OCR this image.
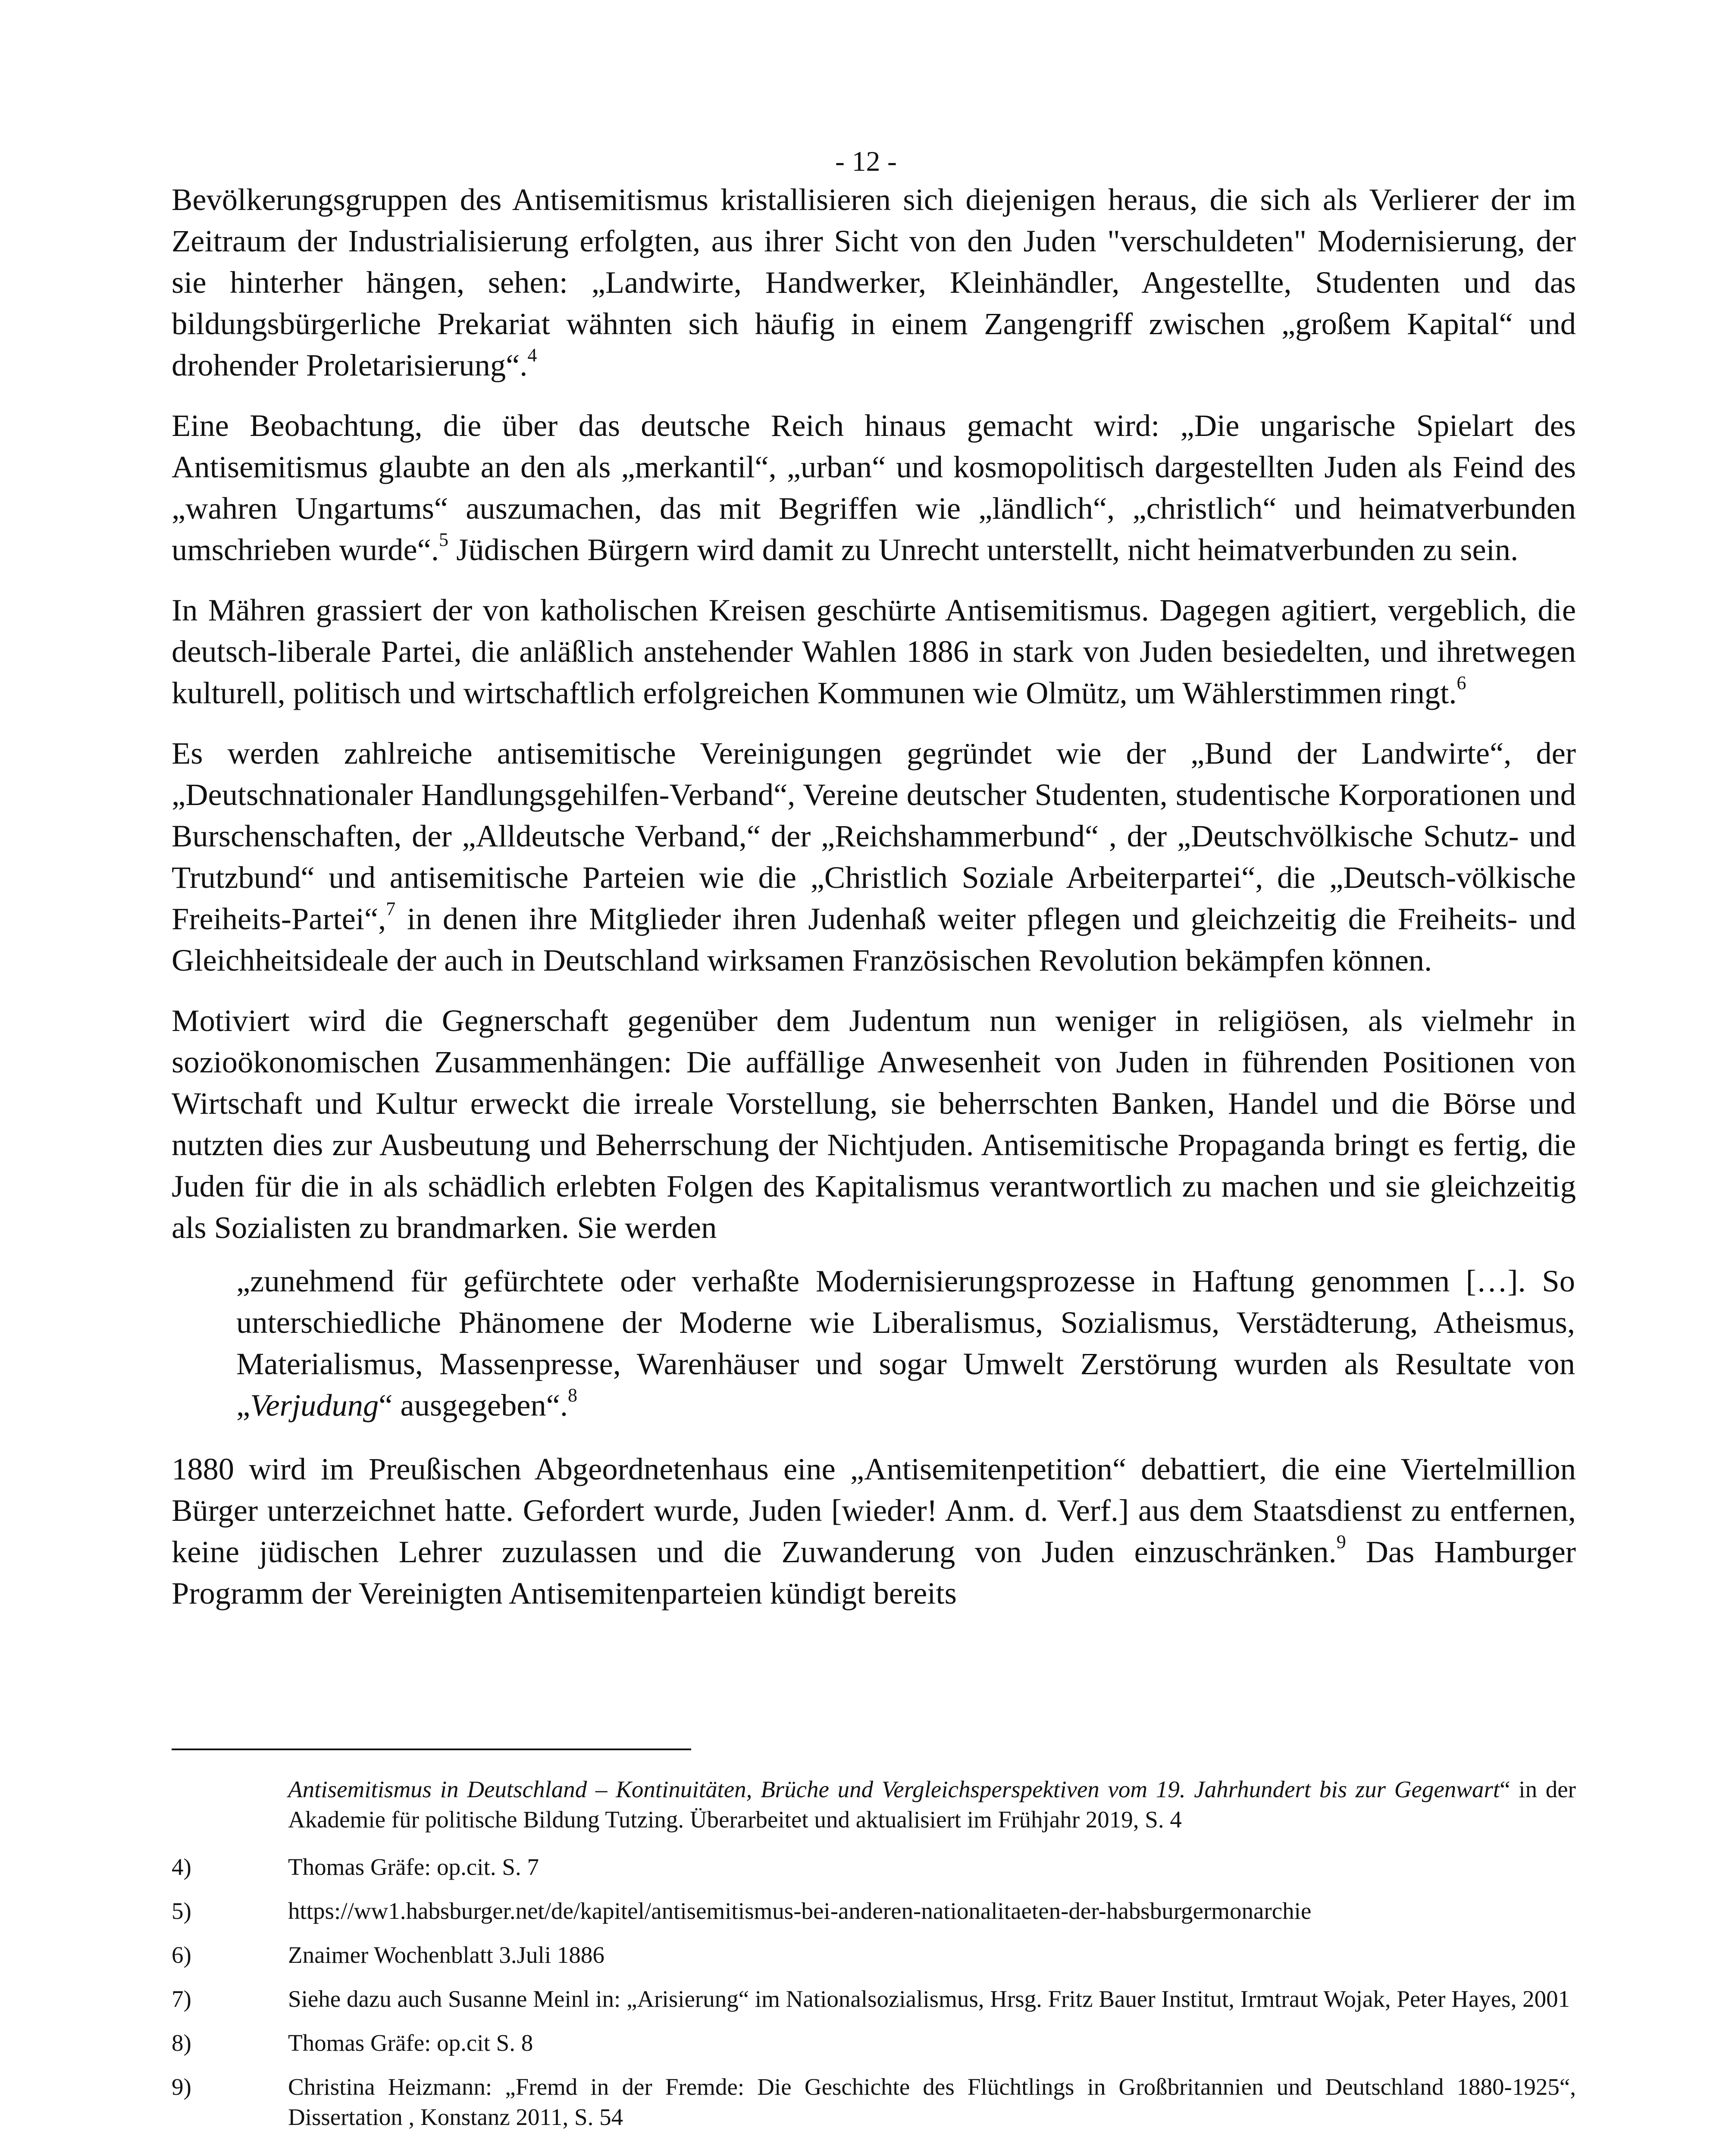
- 12 -

Bevölkerungsgruppen des Antisemitismus kristallisieren sich diejenigen heraus, die sich als Verlierer der im Zeitraum der Industrialisierung erfolgten, aus ihrer Sicht von den Juden "verschuldeten" Modernisierung, der sie hinterher hängen, sehen: „Landwirte, Handwerker, Kleinhändler, Angestellte, Studenten und das bildungsbürgerliche Prekariat wähnten sich häufig in einem Zangengriff zwischen „großem Kapital“ und drohender Proletarisierung“.$^4$

Eine Beobachtung, die über das deutsche Reich hinaus gemacht wird: „Die ungarische Spielart des Antisemitismus glaubte an den als „merkantil“, „urban“ und kosmopolitisch dargestellten Juden als Feind des „wahren Ungartums“ auszumachen, das mit Begriffen wie „ländlich“, „christlich“ und heimatverbunden umschrieben wurde“.$^5$ Jüdischen Bürgern wird damit zu Unrecht unterstellt, nicht heimatverbunden zu sein.

In Mähren grassiert der von katholischen Kreisen geschürte Antisemitismus. Dagegen agitiert, vergeblich, die deutsch-liberale Partei, die anläßlich anstehender Wahlen 1886 in stark von Juden besiedelten, und ihretwegen kulturell, politisch und wirtschaftlich erfolgreichen Kommunen wie Olmütz, um Wählerstimmen ringt.$^6$

Es werden zahlreiche antisemitische Vereinigungen gegründet wie der „Bund der Landwirte“, der „Deutschnationaler Handlungsgehilfen-Verband“, Vereine deutscher Studenten, studentische Korporationen und Burschenschaften, der „Alldeutsche Verband,“ der „Reichshammerbund“ , der „Deutschvölkische Schutz- und Trutzbund“ und antisemitische Parteien wie die „Christlich Soziale Arbeiterpartei“, die „Deutsch-völkische Freiheits-Partei“,$^7$ in denen ihre Mitglieder ihren Judenhaß weiter pflegen und gleichzeitig die Freiheits- und Gleichheitsideale der auch in Deutschland wirksamen Französischen Revolution bekämpfen können.

Motiviert wird die Gegnerschaft gegenüber dem Judentum nun weniger in religiösen, als vielmehr in sozioökonomischen Zusammenhängen: Die auffällige Anwesenheit von Juden in führenden Positionen von Wirtschaft und Kultur erweckt die irreale Vorstellung, sie beherrschten Banken, Handel und die Börse und nutzten dies zur Ausbeutung und Beherrschung der Nichtjuden. Antisemitische Propaganda bringt es fertig, die Juden für die in als schädlich erlebten Folgen des Kapitalismus verantwortlich zu machen und sie gleichzeitig als Sozialisten zu brandmarken. Sie werden

„zunehmend für gefürchtete oder verhaßte Modernisierungsprozesse in Haftung genommen […]. So unterschiedliche Phänomene der Moderne wie Liberalismus, Sozialismus, Verstädterung, Atheismus, Materialismus, Massenpresse, Warenhäuser und sogar Umwelt Zerstörung wurden als Resultate von „Verjudung“ ausgegeben“.$^8$

1880 wird im Preußischen Abgeordnetenhaus eine „Antisemitenpetition“ debattiert, die eine Viertelmillion Bürger unterzeichnet hatte. Gefordert wurde, Juden [wieder! Anm. d. Verf.] aus dem Staatsdienst zu entfernen, keine jüdischen Lehrer zuzulassen und die Zuwanderung von Juden einzuschränken.$^9$ Das Hamburger Programm der Vereinigten Antisemitenparteien kündigt bereits

Antisemitismus in Deutschland – Kontinuitäten, Brüche und Vergleichsperspektiven vom 19. Jahrhundert bis zur Gegenwart“ in der Akademie für politische Bildung Tutzing. Überarbeitet und aktualisiert im Frühjahr 2019, S. 4
4)	Thomas Gräfe: op.cit. S. 7
5)	https://ww1.habsburger.net/de/kapitel/antisemitismus-bei-anderen-nationalitaeten-der-habsburgermonarchie
6)	Znaimer Wochenblatt 3.Juli 1886
7)	Siehe dazu auch Susanne Meinl in: „Arisierung“ im Nationalsozialismus, Hrsg. Fritz Bauer Institut, Irmtraut Wojak, Peter Hayes, 2001
8)	Thomas Gräfe: op.cit S. 8
9)	Christina Heizmann: „Fremd in der Fremde: Die Geschichte des Flüchtlings in Großbritannien und Deutschland 1880-1925“, Dissertation , Konstanz 2011, S. 54
